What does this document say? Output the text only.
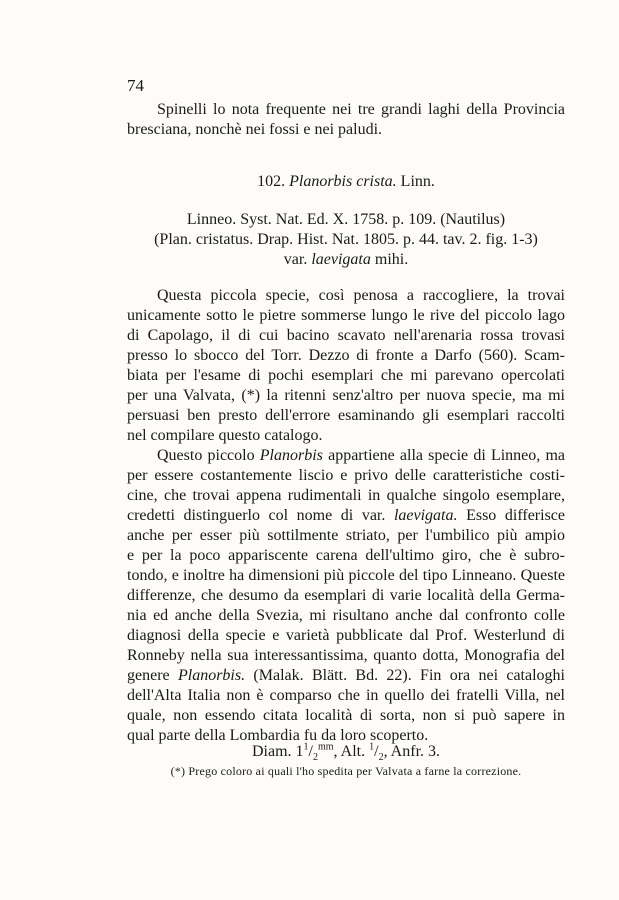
74
Spinelli lo nota frequente nei tre grandi laghi della Provincia
bresciana, nonchè nei fossi e nei paludi.
102. Planorbis crista. Linn.
Linneo. Syst. Nat. Ed. X. 1758. p. 109. (Nautilus)
(Plan. cristatus. Drap. Hist. Nat. 1805. p. 44. tav. 2. fig. 1-3)
var. laevigata mihi.
Questa piccola specie, così penosa a raccogliere, la trovai
unicamente sotto le pietre sommerse lungo le rive del piccolo lago
di Capolago, il di cui bacino scavato nell'arenaria rossa trovasi
presso lo sbocco del Torr. Dezzo di fronte a Darfo (560). Scam-
biata per l'esame di pochi esemplari che mi parevano opercolati
per una Valvata, (*) la ritenni senz'altro per nuova specie, ma mi
persuasi ben presto dell'errore esaminando gli esemplari raccolti
nel compilare questo catalogo.
Questo piccolo Planorbis appartiene alla specie di Linneo, ma
per essere costantemente liscio e privo delle caratteristiche costi-
cine, che trovai appena rudimentali in qualche singolo esemplare,
credetti distinguerlo col nome di var. laevigata. Esso differisce
anche per esser più sottilmente striato, per l'umbilico più ampio
e per la poco appariscente carena dell'ultimo giro, che è subro-
tondo, e inoltre ha dimensioni più piccole del tipo Linneano. Queste
differenze, che desumo da esemplari di varie località della Germa-
nia ed anche della Svezia, mi risultano anche dal confronto colle
diagnosi della specie e varietà pubblicate dal Prof. Westerlund di
Ronneby nella sua interessantissima, quanto dotta, Monografia del
genere Planorbis. (Malak. Blätt. Bd. 22). Fin ora nei cataloghi
dell'Alta Italia non è comparso che in quello dei fratelli Villa, nel
quale, non essendo citata località di sorta, non si può sapere in
qual parte della Lombardia fu da loro scoperto.
(*) Prego coloro ai quali l'ho spedita per Valvata a farne la correzione.
Diam. $1^1/_2^{mm}$, Alt. $^1/_2$, Anfr. 3.
